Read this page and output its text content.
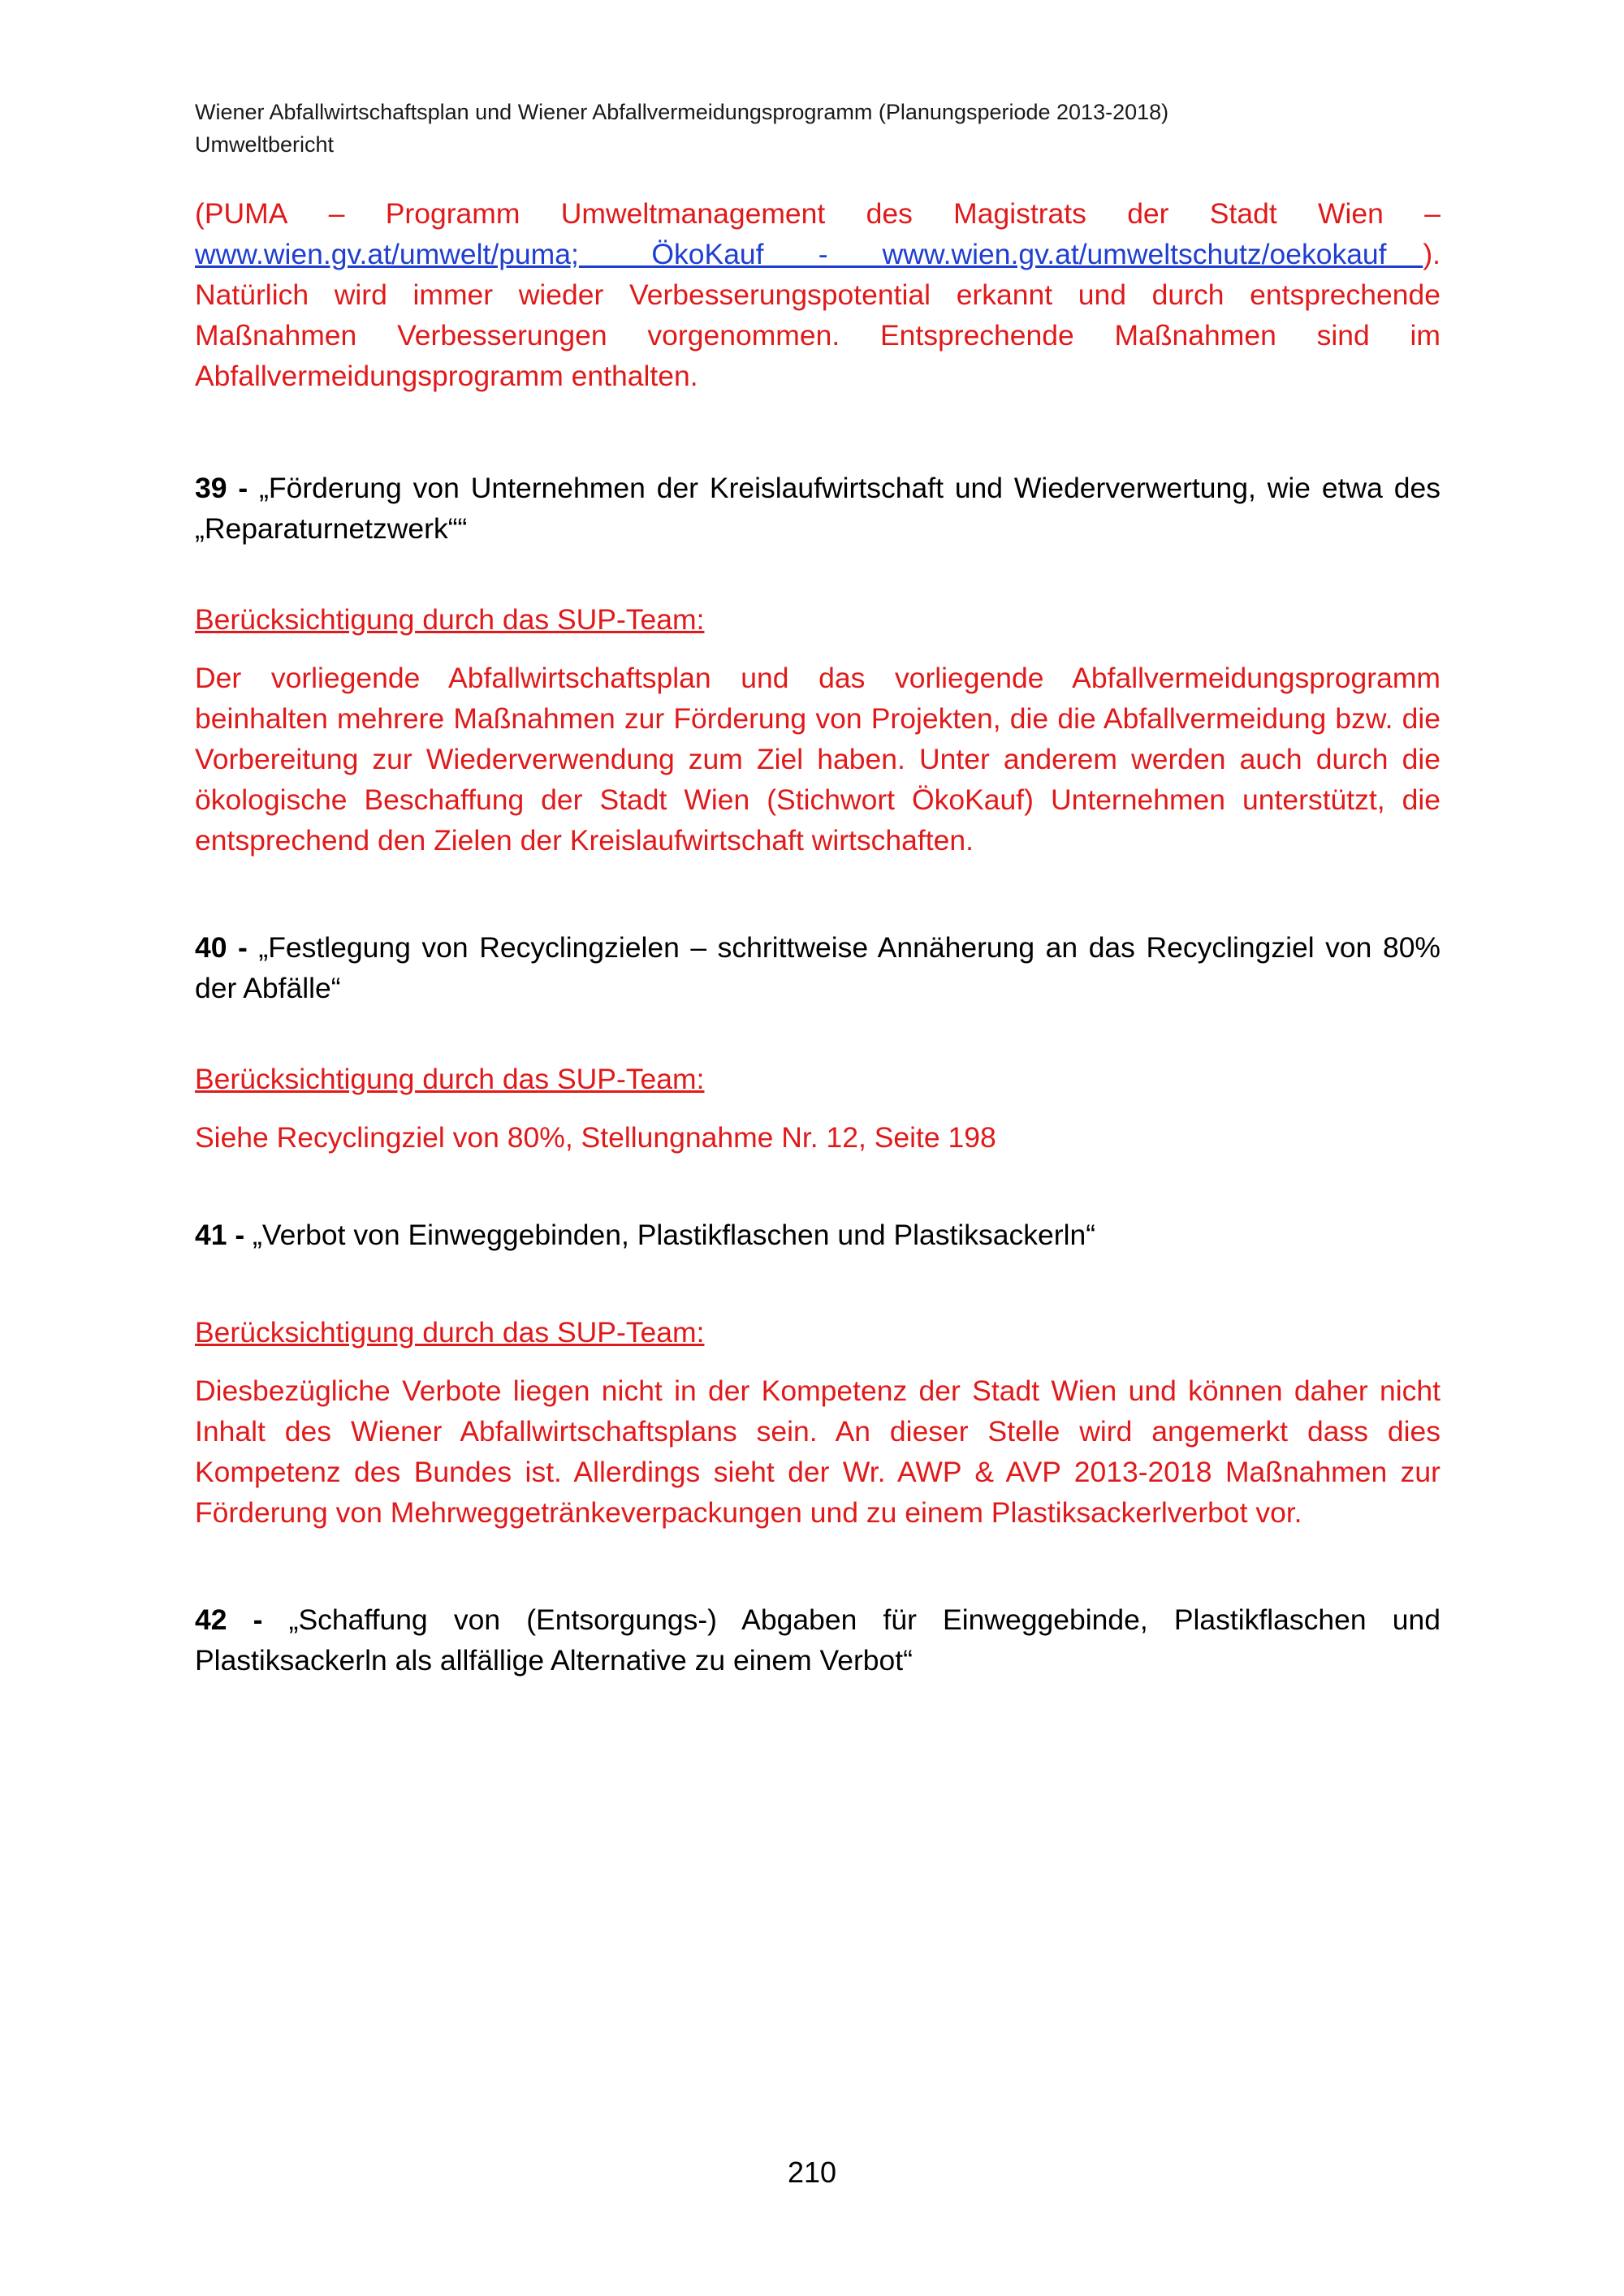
Wiener Abfallwirtschaftsplan und Wiener Abfallvermeidungsprogramm (Planungsperiode 2013-2018)
Umweltbericht
(PUMA – Programm Umweltmanagement des Magistrats der Stadt Wien –
www.wien.gv.at/umwelt/puma;	ÖkoKauf   -   www.wien.gv.at/umweltschutz/oekokauf ).

Natürlich wird immer wieder Verbesserungspotential erkannt und durch entsprechende Maßnahmen Verbesserungen vorgenommen. Entsprechende Maßnahmen sind im Abfallvermeidungsprogramm enthalten.

39 - „Förderung von Unternehmen der Kreislaufwirtschaft und Wiederverwertung, wie etwa des „Reparaturnetzwerk““

Berücksichtigung durch das SUP-Team:

Der vorliegende Abfallwirtschaftsplan und das vorliegende Abfallvermeidungsprogramm beinhalten mehrere Maßnahmen zur Förderung von Projekten, die die Abfallvermeidung bzw. die Vorbereitung zur Wiederverwendung zum Ziel haben. Unter anderem werden auch durch die ökologische Beschaffung der Stadt Wien (Stichwort ÖkoKauf) Unternehmen unterstützt, die entsprechend den Zielen der Kreislaufwirtschaft wirtschaften.

40 - „Festlegung von Recyclingzielen – schrittweise Annäherung an das Recyclingziel von 80% der Abfälle“

Berücksichtigung durch das SUP-Team:

Siehe Recyclingziel von 80%, Stellungnahme Nr. 12, Seite 198

41 - „Verbot von Einweggebinden, Plastikflaschen und Plastiksackerln“

Berücksichtigung durch das SUP-Team:

Diesbezügliche Verbote liegen nicht in der Kompetenz der Stadt Wien und können daher nicht Inhalt des Wiener Abfallwirtschaftsplans sein. An dieser Stelle wird angemerkt dass dies Kompetenz des Bundes ist. Allerdings sieht der Wr. AWP & AVP 2013-2018 Maßnahmen zur Förderung von Mehrweggetränkeverpackungen und zu einem Plastiksackerlverbot vor.

42 - „Schaffung von (Entsorgungs-) Abgaben für Einweggebinde, Plastikflaschen und Plastiksackerln als allfällige Alternative zu einem Verbot“

210
